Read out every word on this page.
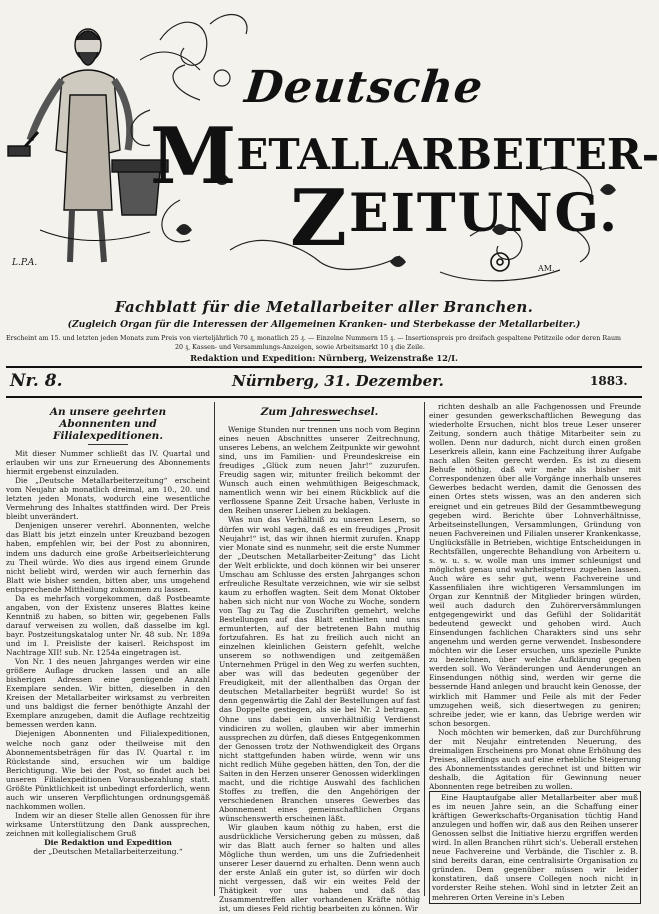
Deutsche
METALLARBEITER-
ZEITUNG.
L.P.A.
AM.
Fachblatt für die Metallarbeiter aller Branchen.
(Zugleich Organ für die Interessen der Allgemeinen Kranken- und Sterbekasse der Metallarbeiter.)
Erscheint am 15. und letzten jeden Monats zum Preis von vierteljährlich 70 ₰, monatlich 25 ₰. — Einzelne Nummern 15 ₰. — Insertionspreis pro dreifach gespaltene Petitzeile oder deren Raum
20 ₰, Kassen- und Versammlungs-Anzeigen, sowie Arbeitsmarkt 10 ₰ die Zeile.
Redaktion und Expedition: Nürnberg, Weizenstraße 12/I.
Nr. 8.	Nürnberg, 31. Dezember.	1883.
An unsere geehrten
Abonnenten und Filialexpeditionen.

Mit dieser Nummer schließt das IV. Quartal und erlauben wir uns zur Erneuerung des Abonnements hiermit ergebenst einzuladen.

Die „Deutsche Metallarbeiterzeitung“ erscheint vom Neujahr ab monatlich dreimal, am 10., 20. und letzten jeden Monats, wodurch eine wesentliche Vermehrung des Inhaltes stattfinden wird. Der Preis bleibt unverändert.

Denjenigen unserer verehrl. Abonnenten, welche das Blatt bis jetzt einzeln unter Kreuzband bezogen haben, empfehlen wir, bei der Post zu abonniren, indem uns dadurch eine große Arbeitserleichterung zu Theil würde. Wo dies aus irgend einem Grunde nicht beliebt wird, werden wir auch fernerhin das Blatt wie bisher senden, bitten aber, uns umgehend entsprechende Mittheilung zukommen zu lassen.

Da es mehrfach vorgekommen, daß Postbeamte angaben, von der Existenz unseres Blattes keine Kenntniß zu haben, so bitten wir, gegebenen Falls darauf verweisen zu wollen, daß dasselbe im kgl. bayr. Postzeitungskatalog unter Nr. 48 sub. Nr. 189a und im I. Preisliste der kaiserl. Reichspost im Nachtrage XII! sub. Nr. 1254a eingetragen ist.

Von Nr. 1 des neuen Jahrganges werden wir eine größere Auflage drucken lassen und an alle bisherigen Adressen eine genügende Anzahl Exemplare senden. Wir bitten, dieselben in den Kreisen der Metallarbeiter wirksamst zu verbreiten und uns baldigst die ferner benöthigte Anzahl der Exemplare anzugeben, damit die Auflage rechtzeitig bemessen werden kann.

Diejenigen Abonnenten und Filialexpeditionen, welche noch ganz oder theilweise mit den Abonnementsbeträgen für das IV. Quartal r. im Rückstande sind, ersuchen wir um baldige Berichtigung. Wie bei der Post, so findet auch bei unseren Filialexpeditionen Vorausbezahlung statt. Größte Pünktlichkeit ist unbedingt erforderlich, wenn auch wir unseren Verpflichtungen ordnungsgemäß nachkommen wollen.

Indem wir an dieser Stelle allen Genossen für ihre wirksame Unterstützung den Dank aussprechen, zeichnen mit kollegialischem Gruß

Die Redaktion und Expedition
der „Deutschen Metallarbeiterzeitung.“
Zum Jahreswechsel.

Wenige Stunden nur trennen uns noch vom Beginn eines neuen Abschnittes unserer Zeitrechnung, unseres Lebens, an welchem Zeitpunkte wir gewohnt sind, uns im Familien- und Freundeskreise ein freudiges „Glück zum neuen Jahr!“ zuzurufen. Freudig sagen wir, mitunter freilich bekommt der Wunsch auch einen wehmüthigen Beigeschmack, namentlich wenn wir bei einem Rückblick auf die verflossene Spanne Zeit Ursache haben, Verluste in den Reihen unserer Lieben zu beklagen.

Was nun das Verhältniß zu unseren Lesern, so dürfen wir wohl sagen, daß es ein freudiges „Prosit Neujahr!“ ist, das wir ihnen hiermit zurufen. Knapp vier Monate sind es nunmehr, seit die erste Nummer der „Deutschen Metallarbeiter-Zeitung“ das Licht der Welt erblickte, und doch können wir bei unserer Umschau am Schlusse des ersten Jahrganges schon erfreuliche Resultate verzeichnen, wie wir sie selbst kaum zu erhoffen wagten. Seit dem Monat Oktober haben sich nicht nur von Woche zu Woche, sondern von Tag zu Tag die Zuschriften gemehrt, welche Bestellungen auf das Blatt enthielten und uns ermunterten, auf der betretenen Bahn muthig fortzufahren. Es hat zu freilich auch nicht an einzelnen kleinlichen Geistern gefehlt, welche unserem so nothwendigen und zeitgemäßen Unternehmen Prügel in den Weg zu werfen suchten, aber was will das bedeuten gegenüber der Freudigkeit, mit der allenthalben das Organ der deutschen Metallarbeiter begrüßt wurde! So ist denn gegenwärtig die Zahl der Bestellungen auf fast das Doppelte gestiegen, als sie bei Nr. 2 betragen. Ohne uns dabei ein unverhältnißig Verdienst vindiciren zu wollen, glauben wir aber immerhin aussprechen zu dürfen, daß dieses Entgegenkommen der Genossen trotz der Nothwendigkeit des Organs nicht stattgefunden haben würde, wenn wir uns nicht redlich Mühe gegeben hätten, den Ton, der die Saiten in den Herzen unserer Genossen widerklingen macht, und die richtige Auswahl des fachlichen Stoffes zu treffen, die den Angehörigen der verschiedenen Branchen unseres Gewerbes das Abonnement eines gemeinschaftlichen Organs wünschenswerth erscheinen läßt.

Wir glauben kaum nöthig zu haben, erst die ausdrückliche Versicherung geben zu müssen, daß wir das Blatt auch ferner so halten und alles Mögliche thun werden, um uns die Zufriedenheit unserer Leser dauernd zu erhalten. Denn wenn auch der erste Anlaß ein guter ist, so dürfen wir doch nicht vergessen, daß wir ein weites Feld der Thätigkeit vor uns haben und daß das Zusammentreffen aller vorhandenen Kräfte nöthig ist, um dieses Feld richtig bearbeiten zu können. Wir

richten deshalb an alle Fachgenossen und Freunde einer gesunden gewerkschaftlichen Bewegung das wiederholte Ersuchen, nicht blos treue Leser unserer Zeitung, sondern auch thätige Mitarbeiter sein zu wollen. Denn nur dadurch, nicht durch einen großen Leserkreis allein, kann eine Fachzeitung ihrer Aufgabe nach allen Seiten gerecht werden. Es ist zu diesem Behufe nöthig, daß wir mehr als bisher mit Correspondenzen über alle Vorgänge innerhalb unseres Gewerbes bedacht werden, damit die Genossen des einen Ortes stets wissen, was an den anderen sich ereignet und ein getreues Bild der Gesammtbewegung gegeben wird. Berichte über Lohnverhältnisse, Arbeitseinstellungen, Versammlungen, Gründung von neuen Fachvereinen und Filialen unserer Krankenkasse, Unglücksfälle in Betrieben, wichtige Entscheidungen in Rechtsfällen, ungerechte Behandlung von Arbeitern u. s. w. u. s. w. wolle man uns immer schleunigst und möglichst genau und wahrheitsgetreu zugehen lassen. Auch wäre es sehr gut, wenn Fachvereine und Kassenfilialen ihre wichtigeren Versammlungen im Organ zur Kenntniß der Mitglieder bringen würden, weil auch dadurch den Zuhörerversämmlungen entgegengewirkt und das Gefühl der Solidarität bedeutend geweckt und gehoben wird. Auch Einsendungen fachlichen Charakters sind uns sehr angenehm und werden gerne verwendet. Insbesondere möchten wir die Leser ersuchen, uns spezielle Punkte zu bezeichnen, über welche Aufklärung gegeben werden soll. Wo Veränderungen und Aenderungen an Einsendungen nöthig sind, werden wir gerne die bessernde Hand anlegen und braucht kein Genosse, der wirklich mit Hammer und Feile als mit der Feder umzugehen weiß, sich diesertwegen zu geniren; schreibe jeder, wie er kann, das Uebrige werden wir schon besorgen.

Noch möchten wir bemerken, daß zur Durchführung der mit Neujahr eintretenden Neuerung, des dreimaligen Erscheinens pro Monat ohne Erhöhung des Preises, allerdings auch auf eine erhebliche Steigerung des Abonnementsstandes gerechnet ist und bitten wir deshalb, die Agitation für Gewinnung neuer Abonnenten rege betreiben zu wollen.

Eine Hauptaufgabe aller Metallarbeiter aber muß es im neuen Jahre sein, an die Schaffung einer kräftigen Gewerkschafts-Organisation tüchtig Hand anzulegen und hoffen wir, daß aus den Reihen unserer Genossen selbst die Initiative hierzu ergriffen werden wird. In allen Branchen rührt sich's. Ueberall erstehen neue Fachvereine und Verbände, die Tischler z. B. sind bereits daran, eine centralisirte Organisation zu gründen. Dem gegenüber müssen wir leider konstatiren, daß unsere Collegen noch nicht in vorderster Reihe stehen. Wohl sind in letzter Zeit an mehreren Orten Vereine in's Leben
